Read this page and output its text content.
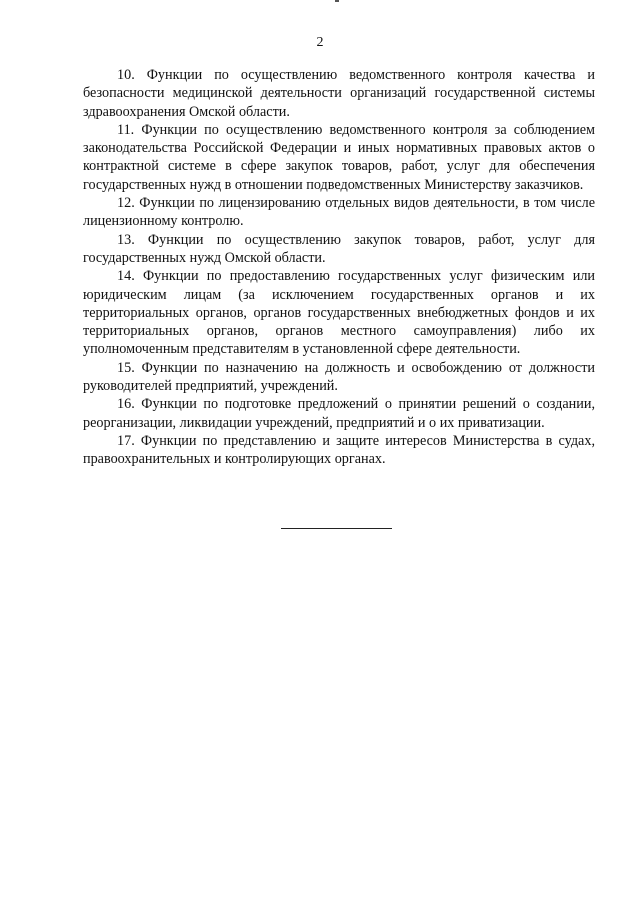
2

10. Функции по осуществлению ведомственного контроля качества и безопасности медицинской деятельности организаций государственной системы здравоохранения Омской области.

11. Функции по осуществлению ведомственного контроля за соблюдением законодательства Российской Федерации и иных нормативных правовых актов о контрактной системе в сфере закупок товаров, работ, услуг для обеспечения государственных нужд в отношении подведомственных Министерству заказчиков.

12. Функции по лицензированию отдельных видов деятельности, в том числе лицензионному контролю.

13. Функции по осуществлению закупок товаров, работ, услуг для государственных нужд Омской области.

14. Функции по предоставлению государственных услуг физическим или юридическим лицам (за исключением государственных органов и их территориальных органов, органов государственных внебюджетных фондов и их территориальных органов, органов местного самоуправления) либо их уполномоченным представителям в установленной сфере деятельности.

15. Функции по назначению на должность и освобождению от должности руководителей предприятий, учреждений.

16. Функции по подготовке предложений о принятии решений о создании, реорганизации, ликвидации учреждений, предприятий и о их приватизации.

17. Функции по представлению и защите интересов Министерства в судах, правоохранительных и контролирующих органах.
